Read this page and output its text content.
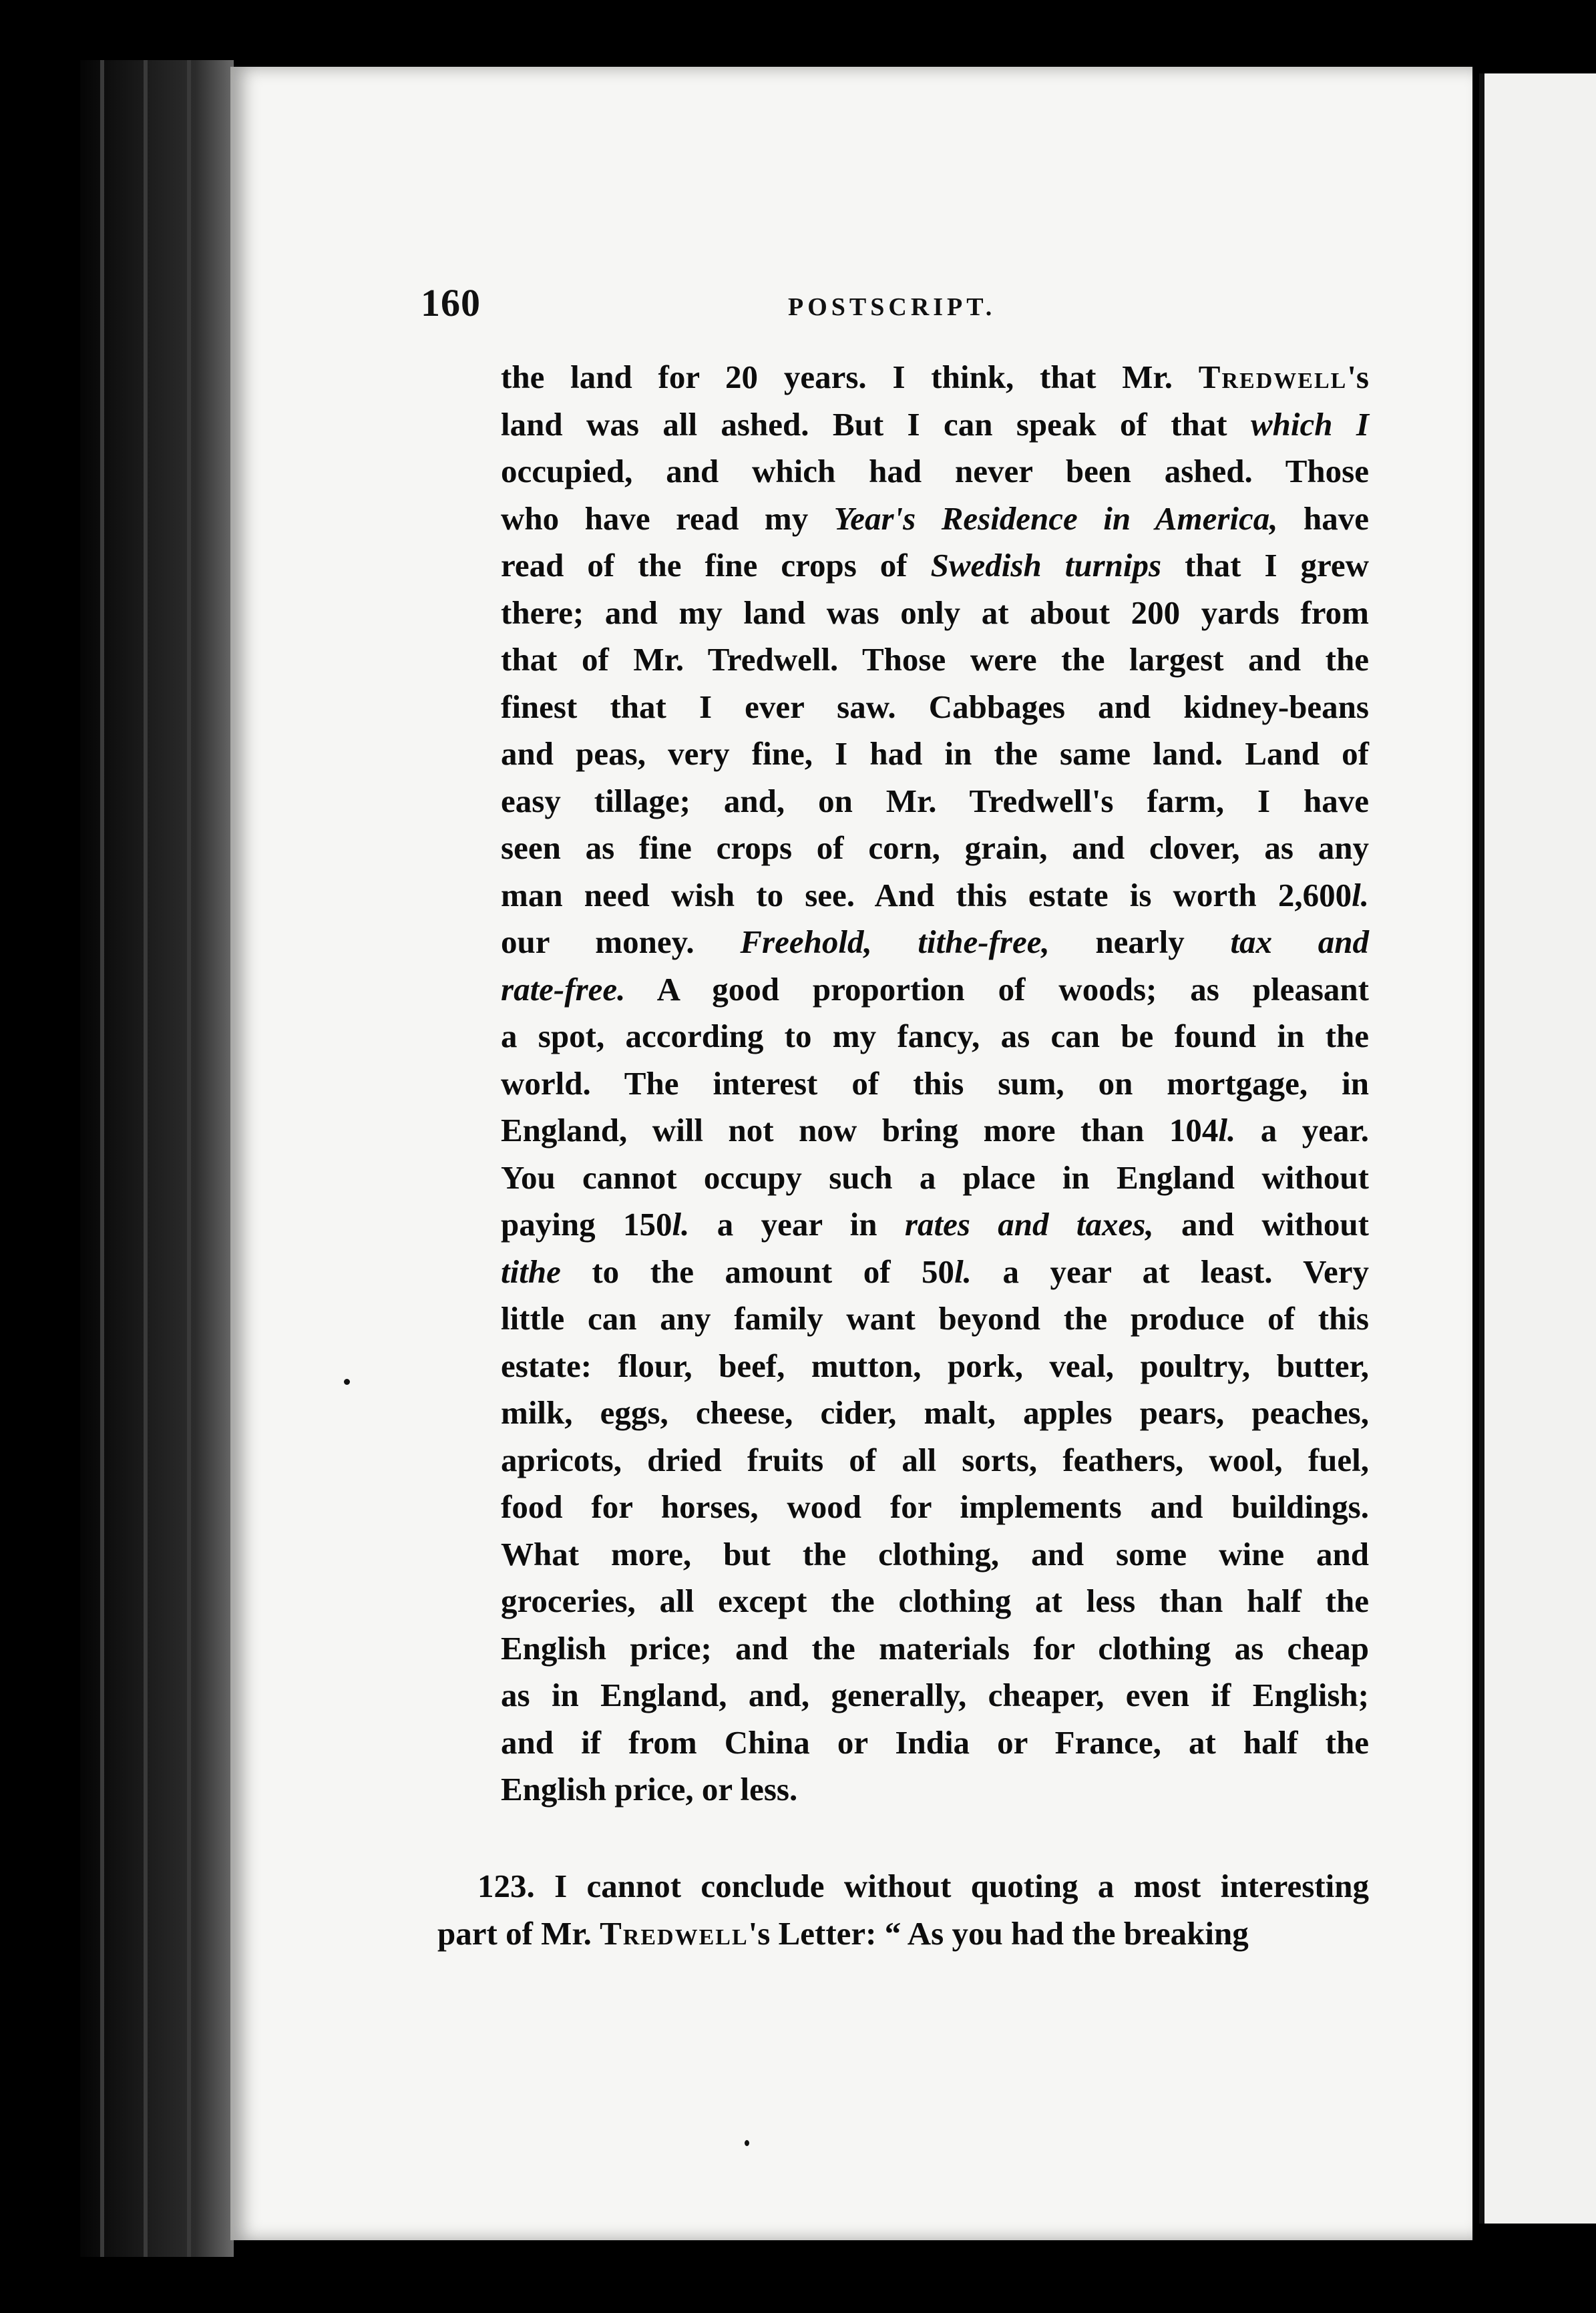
160	POSTSCRIPT.
the land for 20 years. I think, that Mr. Tredwell's
land was all ashed. But I can speak of that which I
occupied, and which had never been ashed. Those
who have read my Year's Residence in America, have
read of the fine crops of Swedish turnips that I grew
there; and my land was only at about 200 yards from
that of Mr. Tredwell. Those were the largest and the
finest that I ever saw. Cabbages and kidney-beans
and peas, very fine, I had in the same land. Land of
easy tillage; and, on Mr. Tredwell's farm, I have
seen as fine crops of corn, grain, and clover, as any
man need wish to see. And this estate is worth 2,600l.
our money. Freehold, tithe-free, nearly tax and
rate-free. A good proportion of woods; as pleasant
a spot, according to my fancy, as can be found in the
world. The interest of this sum, on mortgage, in
England, will not now bring more than 104l. a year.
You cannot occupy such a place in England without
paying 150l. a year in rates and taxes, and without
tithe to the amount of 50l. a year at least. Very
little can any family want beyond the produce of this
estate: flour, beef, mutton, pork, veal, poultry, butter,
milk, eggs, cheese, cider, malt, apples pears, peaches,
apricots, dried fruits of all sorts, feathers, wool, fuel,
food for horses, wood for implements and buildings.
What more, but the clothing, and some wine and
groceries, all except the clothing at less than half the
English price; and the materials for clothing as cheap
as in England, and, generally, cheaper, even if English;
and if from China or India or France, at half the
English price, or less.
123. I cannot conclude without quoting a most interesting
part of Mr. Tredwell's Letter: “ As you had the breaking
